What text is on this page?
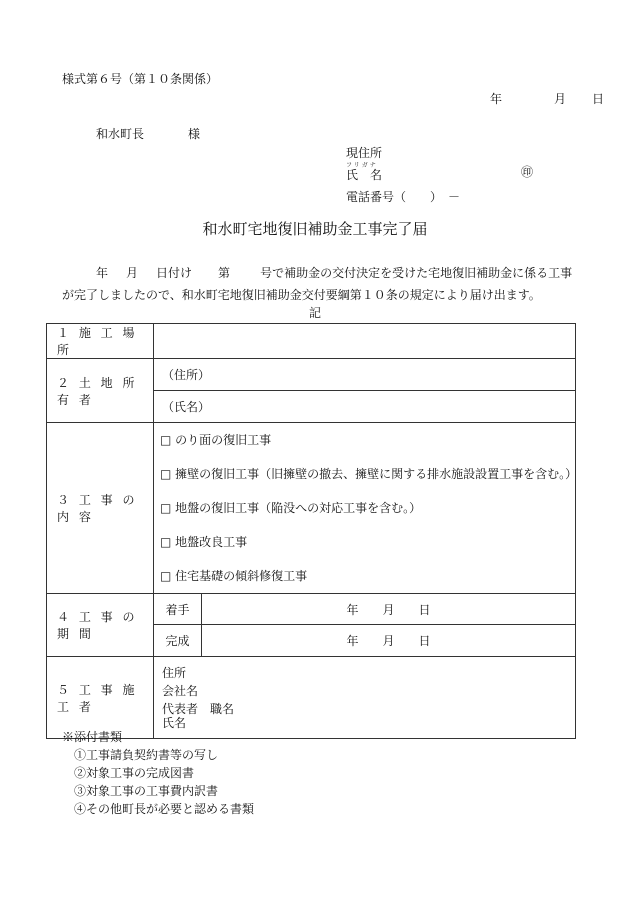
様式第６号（第１０条関係）
年	月 日
和水町長	様
現住所
氏　名
電話番号（　　）　－
フリガナ	㊞
和水町宅地復旧補助金工事完了届
年 月 日付け 第	号で補助金の交付決定を受けた宅地復旧補助金に係る工事が完了しましたので、和水町宅地復旧補助金交付要綱第１０条の規定により届け出ます。
記
１ 施 工 場 所		
２ 土 地 所 有 者	（住所）	
	（氏名）	
３ 工 事 の 内 容	□ のり面の復旧工事
□ 擁壁の復旧工事（旧擁壁の撤去、擁壁に関する排水施設設置工事を含む。）
□ 地盤の復旧工事（陥没への対応工事を含む。）
□ 地盤改良工事
□ 住宅基礎の傾斜修復工事	

４ 工 事 の 期 間	着手	年　　月　　日
	完成	年　　月　　日
５ 工 事 施 工 者	住所
会社名
代表者　職名
氏名	
※添付書類
①工事請負契約書等の写し
②対象工事の完成図書
③対象工事の工事費内訳書
④その他町長が必要と認める書類
